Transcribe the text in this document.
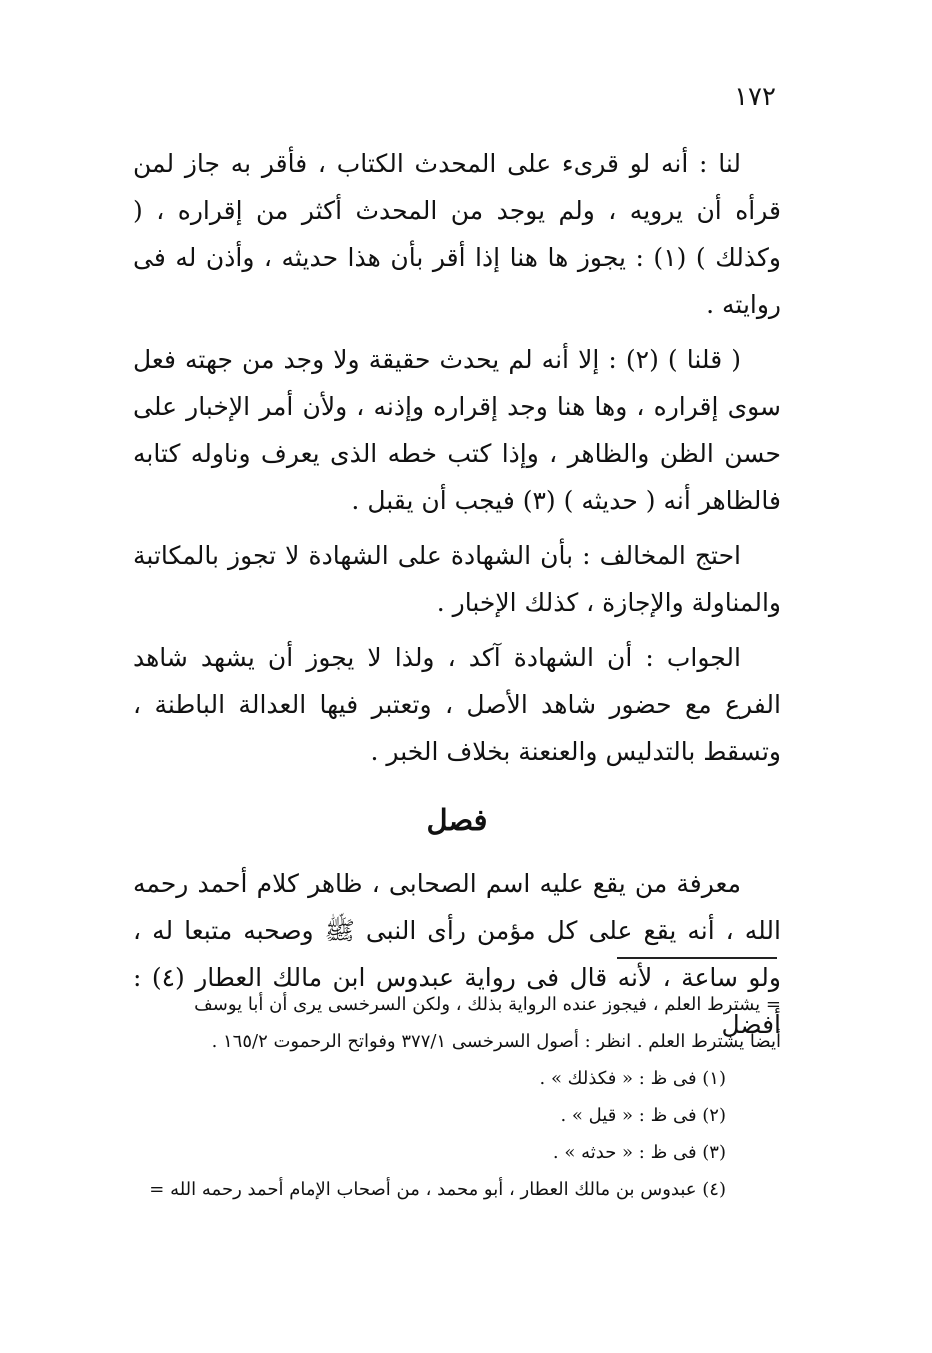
١٧٢

لنا : أنه لو قرىء على المحدث الكتاب ، فأقر به جاز لمن قرأه أن يرويه ، ولم يوجد من المحدث أكثر من إقراره ، ( وكذلك ) (١) : يجوز ها هنا إذا أقر بأن هذا حديثه ، وأذن له فى روايته .

( قلنا ) (٢) : إلا أنه لم يحدث حقيقة ولا وجد من جهته فعل سوى إقراره ، وها هنا وجد إقراره وإذنه ، ولأن أمر الإخبار على حسن الظن والظاهر ، وإذا كتب خطه الذى يعرف وناوله كتابه فالظاهر أنه ( حديثه ) (٣) فيجب أن يقبل .

احتج المخالف : بأن الشهادة على الشهادة لا تجوز بالمكاتبة والمناولة والإجازة ، كذلك الإخبار .

الجواب : أن الشهادة آكد ، ولذا لا يجوز أن يشهد شاهد الفرع مع حضور شاهد الأصل ، وتعتبر فيها العدالة الباطنة ، وتسقط بالتدليس والعنعنة بخلاف الخبر .

فصل

معرفة من يقع عليه اسم الصحابى ، ظاهر كلام أحمد رحمه الله ، أنه يقع على كل مؤمن رأى النبى ﷺ وصحبه متبعا له ، ولو ساعة ، لأنه قال فى رواية عبدوس ابن مالك العطار (٤) : أفضل

= يشترط العلم ، فيجوز عنده الرواية بذلك ، ولكن السرخسى يرى أن أبا يوسف
أيضا يشترط العلم . انظر : أصول السرخسى ٣٧٧/١ وفواتح الرحموت ١٦٥/٢ .
(١) فى ظ : « فكذلك » .
(٢) فى ظ : « قيل » .
(٣) فى ظ : « حدثه » .
(٤) عبدوس بن مالك العطار ، أبو محمد ، من أصحاب الإمام أحمد رحمه الله =
